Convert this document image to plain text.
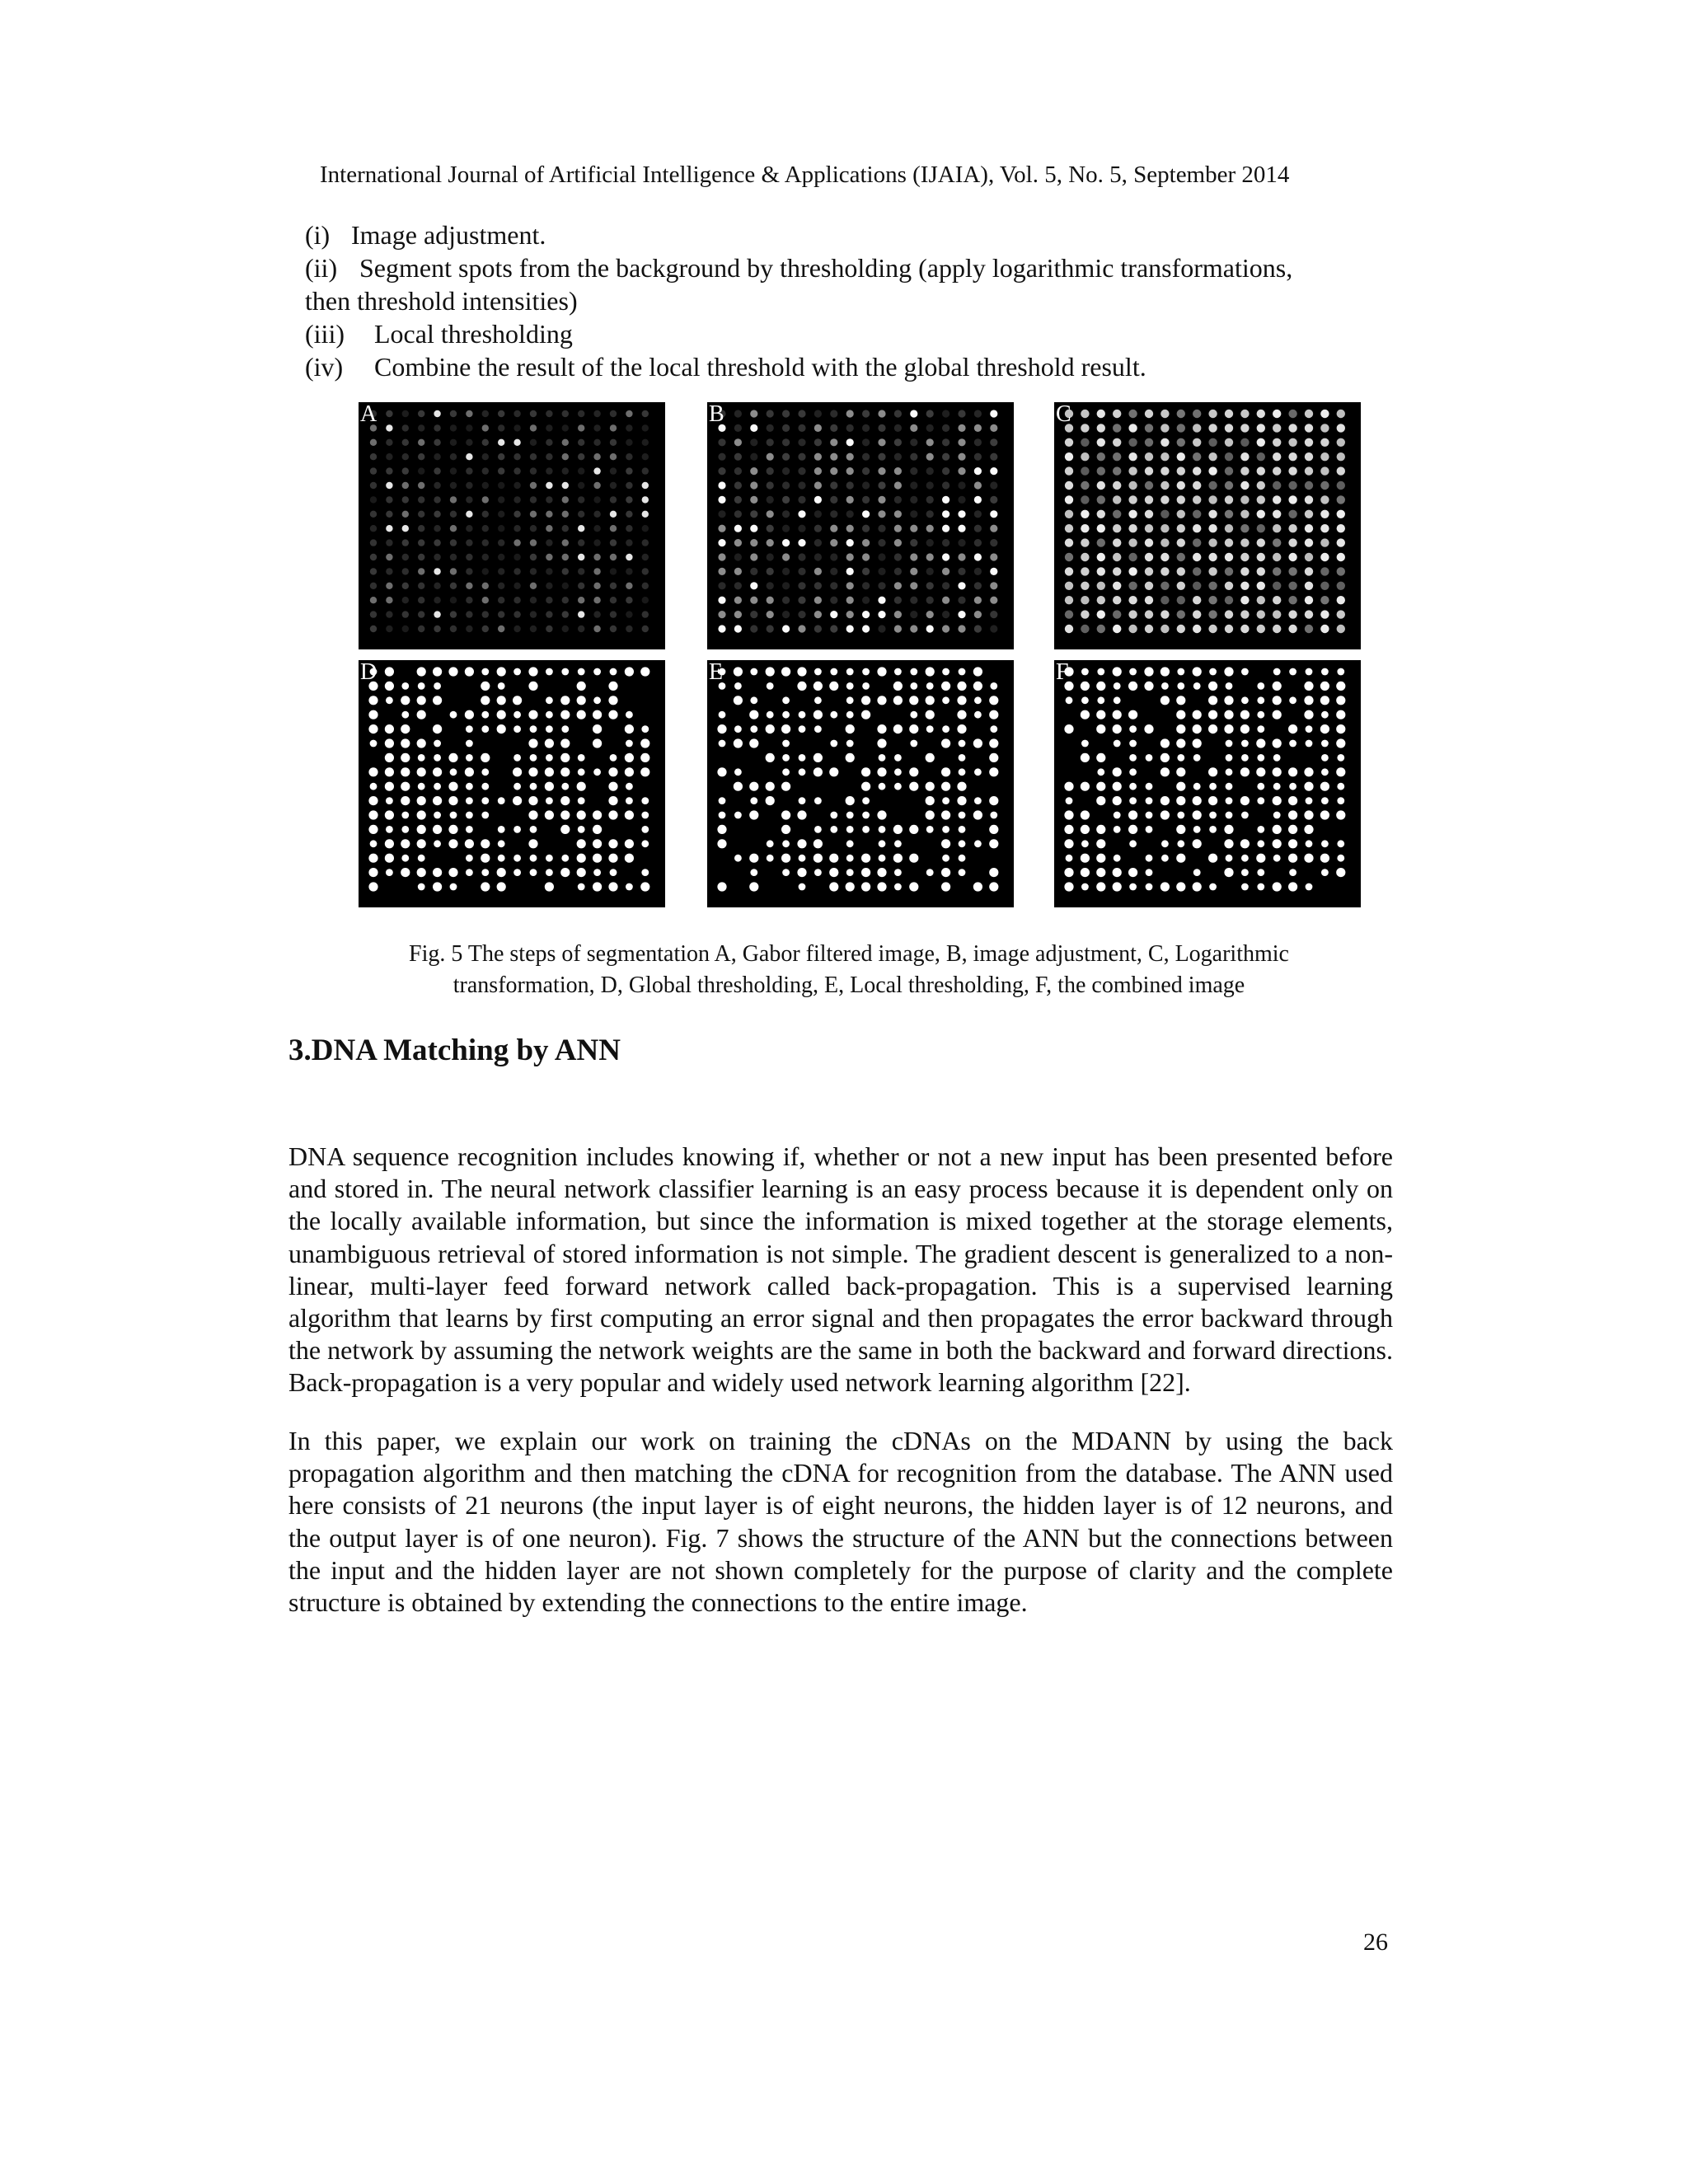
International Journal of Artificial Intelligence & Applications (IJAIA), Vol. 5, No. 5, September 2014
(i) Image adjustment.
(ii) Segment spots from the background by thresholding (apply logarithmic transformations,
then threshold intensities)
(iii) Local thresholding
(iv) Combine the result of the local threshold with the global threshold result.
A	B	C
D	E	F
Fig. 5 The steps of segmentation A, Gabor filtered image, B, image adjustment, C, Logarithmic
transformation, D, Global thresholding, E, Local thresholding, F, the combined image
3.DNA Matching by ANN
DNA sequence recognition includes knowing if, whether or not a new input has been presented before and stored in. The neural network classifier learning is an easy process because it is dependent only on the locally available information, but since the information is mixed together at the storage elements, unambiguous retrieval of stored information is not simple. The gradient descent is generalized to a non-linear, multi-layer feed forward network called back-propagation. This is a supervised learning algorithm that learns by first computing an error signal and then propagates the error backward through the network by assuming the network weights are the same in both the backward and forward directions. Back-propagation is a very popular and widely used network learning algorithm [22].
In this paper, we explain our work on training the cDNAs on the MDANN by using the back propagation algorithm and then matching the cDNA for recognition from the database. The ANN used here consists of 21 neurons (the input layer is of eight neurons, the hidden layer is of 12 neurons, and the output layer is of one neuron). Fig. 7 shows the structure of the ANN but the connections between the input and the hidden layer are not shown completely for the purpose of clarity and the complete structure is obtained by extending the connections to the entire image.
26
